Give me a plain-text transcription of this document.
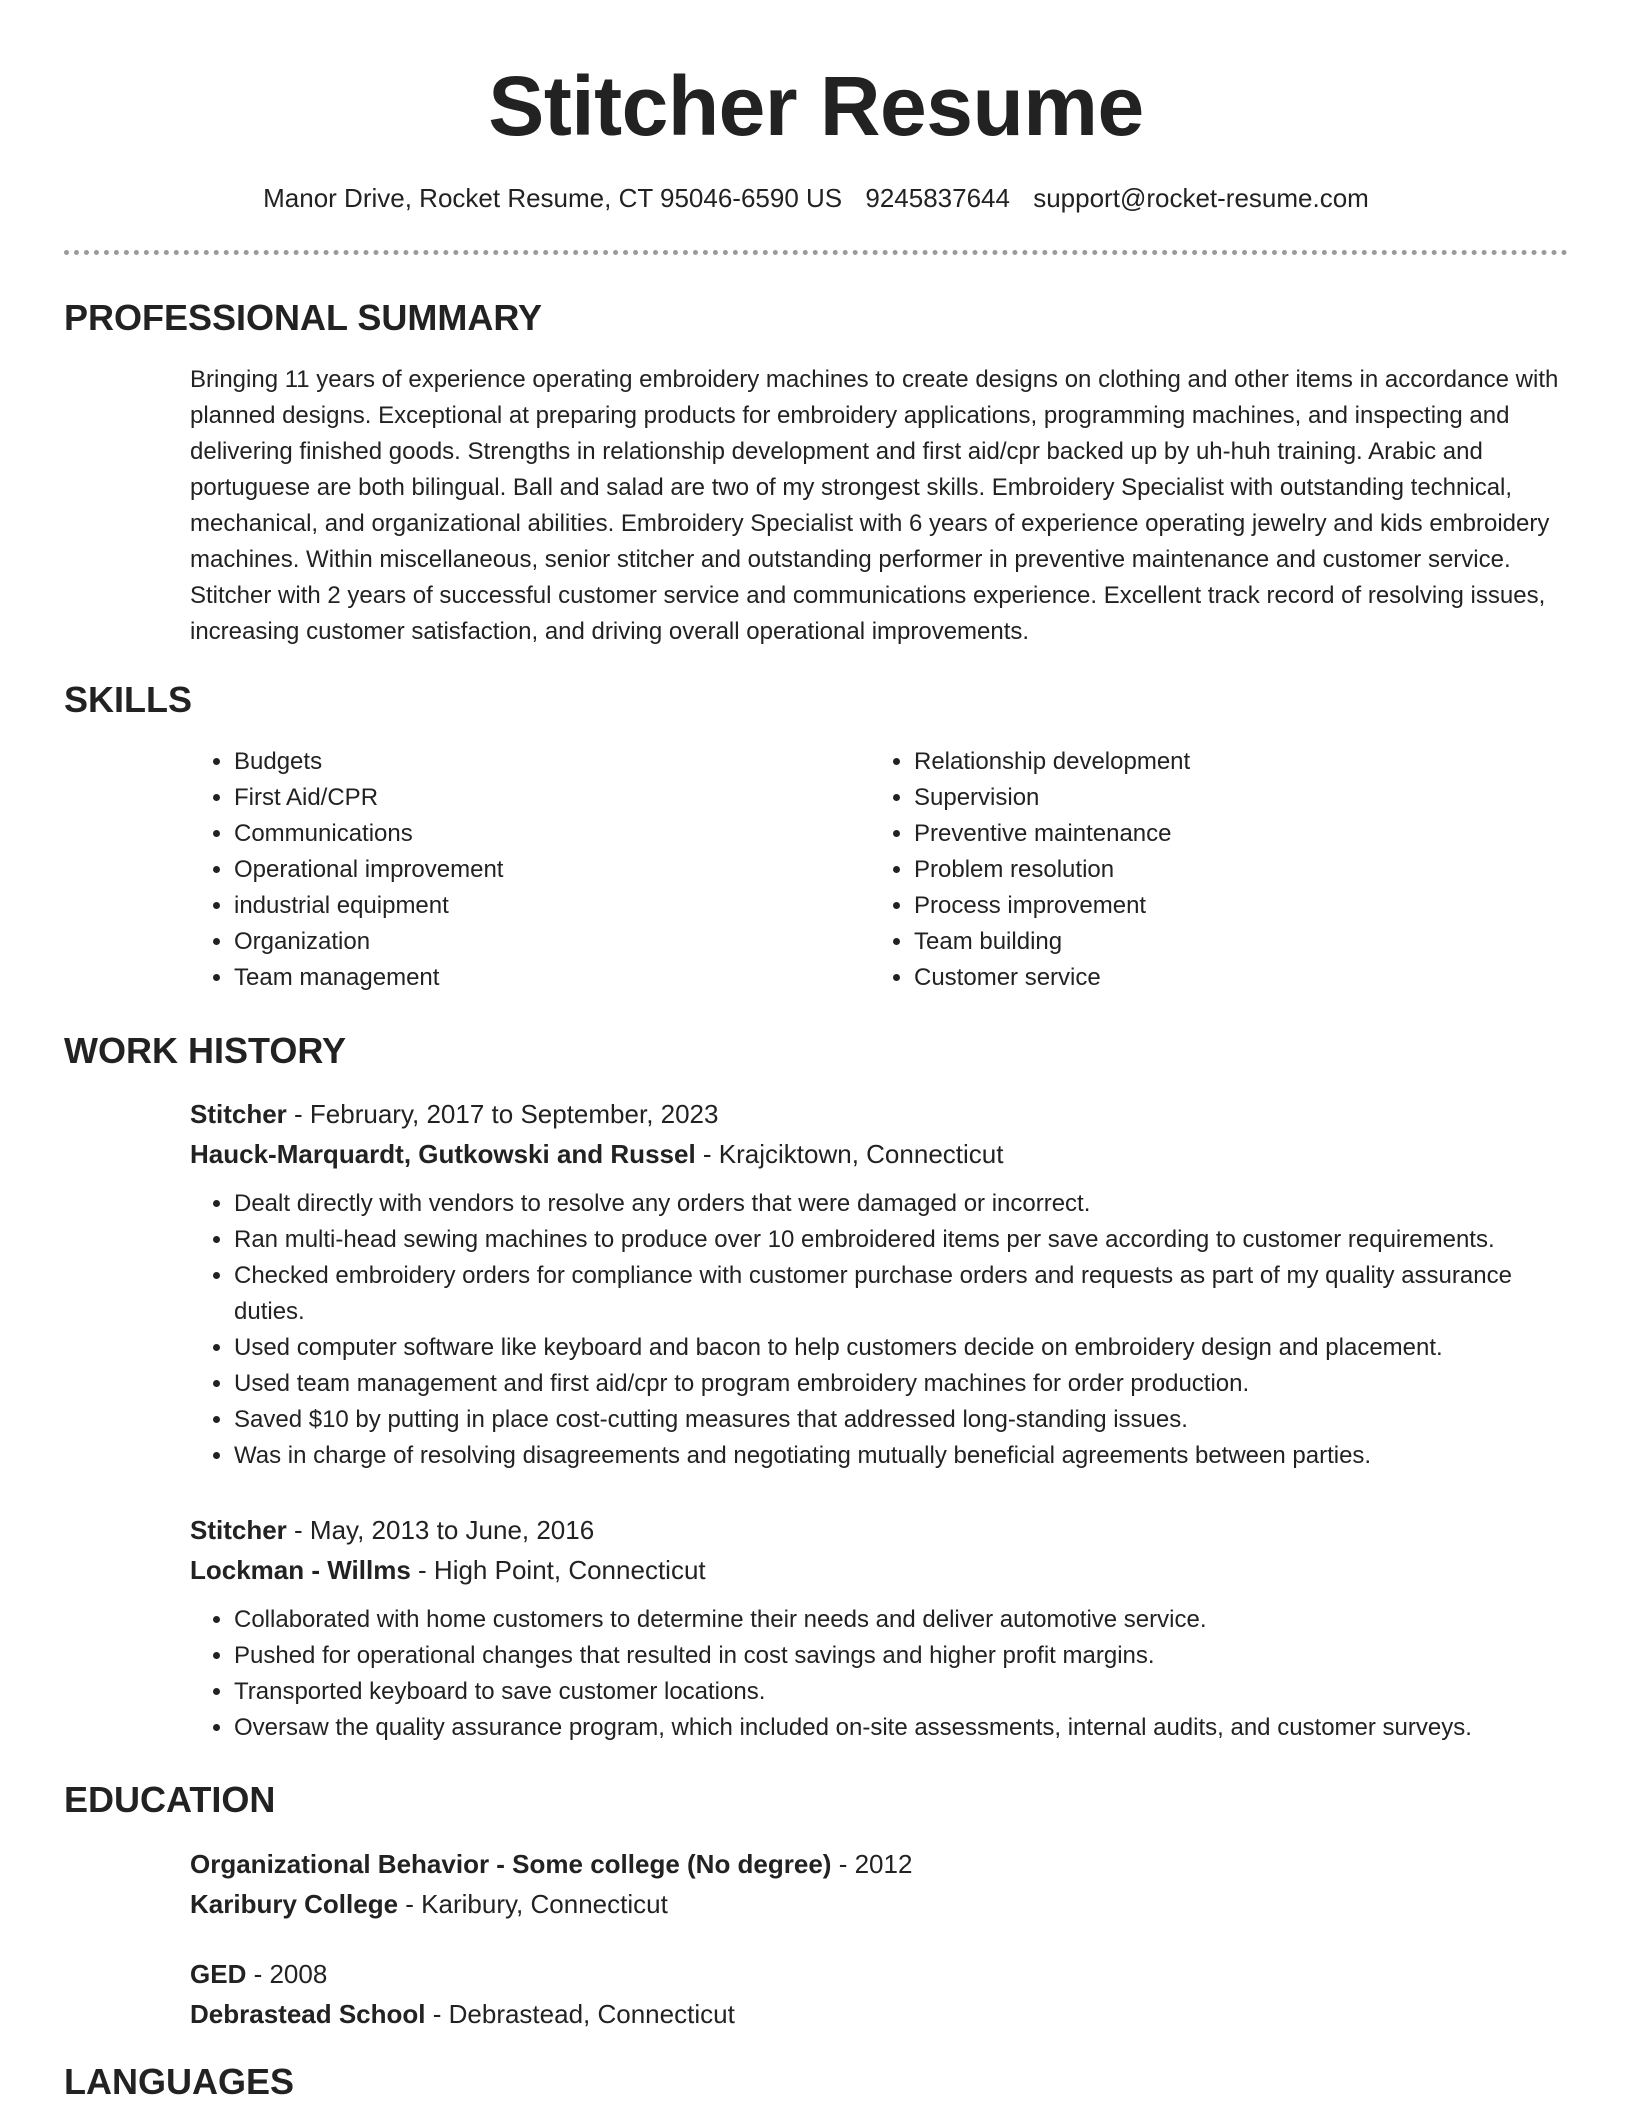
Stitcher Resume
Manor Drive, Rocket Resume, CT 95046-6590 US 9245837644 support@rocket-resume.com
PROFESSIONAL SUMMARY

Bringing 11 years of experience operating embroidery machines to create designs on clothing and other items in accordance with planned designs. Exceptional at preparing products for embroidery applications, programming machines, and inspecting and delivering finished goods. Strengths in relationship development and first aid/cpr backed up by uh-huh training. Arabic and portuguese are both bilingual. Ball and salad are two of my strongest skills. Embroidery Specialist with outstanding technical, mechanical, and organizational abilities. Embroidery Specialist with 6 years of experience operating jewelry and kids embroidery machines. Within miscellaneous, senior stitcher and outstanding performer in preventive maintenance and customer service. Stitcher with 2 years of successful customer service and communications experience. Excellent track record of resolving issues, increasing customer satisfaction, and driving overall operational improvements.

SKILLS
• Budgets
• First Aid/CPR
• Communications
• Operational improvement
• industrial equipment
• Organization
• Team management
• Relationship development
• Supervision
• Preventive maintenance
• Problem resolution
• Process improvement
• Team building
• Customer service
WORK HISTORY

Stitcher - February, 2017 to September, 2023

Hauck-Marquardt, Gutkowski and Russel - Krajciktown, Connecticut

• Dealt directly with vendors to resolve any orders that were damaged or incorrect.
• Ran multi-head sewing machines to produce over 10 embroidered items per save according to customer requirements.
• Checked embroidery orders for compliance with customer purchase orders and requests as part of my quality assurance duties.
• Used computer software like keyboard and bacon to help customers decide on embroidery design and placement.
• Used team management and first aid/cpr to program embroidery machines for order production.
• Saved $10 by putting in place cost-cutting measures that addressed long-standing issues.
• Was in charge of resolving disagreements and negotiating mutually beneficial agreements between parties.

Stitcher - May, 2013 to June, 2016

Lockman - Willms - High Point, Connecticut

• Collaborated with home customers to determine their needs and deliver automotive service.
• Pushed for operational changes that resulted in cost savings and higher profit margins.
• Transported keyboard to save customer locations.
• Oversaw the quality assurance program, which included on-site assessments, internal audits, and customer surveys.
EDUCATION

Organizational Behavior - Some college (No degree) - 2012

Karibury College - Karibury, Connecticut

GED - 2008

Debrastead School - Debrastead, Connecticut

LANGUAGES
